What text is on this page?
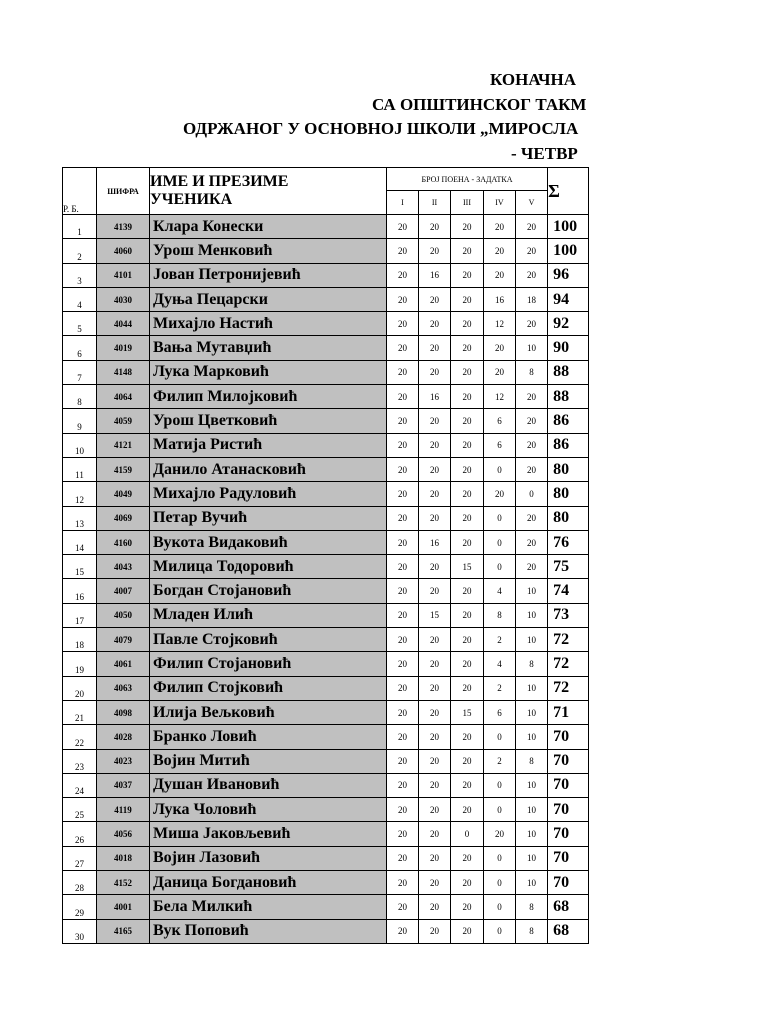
КОНАЧНА
СА ОПШТИНСКОГ ТАКМ
ОДРЖАНОГ У ОСНОВНОЈ ШКОЛИ „МИРОСЛА
- ЧЕТВР
Р. Б.	ШИФРА	ИМЕ И ПРЕЗИМЕ
УЧЕНИКА	БРОЈ ПОЕНА - ЗАДАТКА					Σ
			I	II	III	IV	V	
1	4139	Клара Конески	20	20	20	20	20	100
2	4060	Урош Менковић	20	20	20	20	20	100
3	4101	Јован Петронијевић	20	16	20	20	20	96
4	4030	Дуња Пецарски	20	20	20	16	18	94
5	4044	Михајло Настић	20	20	20	12	20	92
6	4019	Вања Мутавџић	20	20	20	20	10	90
7	4148	Лука Марковић	20	20	20	20	8	88
8	4064	Филип Милојковић	20	16	20	12	20	88
9	4059	Урош Цветковић	20	20	20	6	20	86
10	4121	Матија Ристић	20	20	20	6	20	86
11	4159	Данило Атанасковић	20	20	20	0	20	80
12	4049	Михајло Радуловић	20	20	20	20	0	80
13	4069	Петар Вучић	20	20	20	0	20	80
14	4160	Вукота Видаковић	20	16	20	0	20	76
15	4043	Милица Тодоровић	20	20	15	0	20	75
16	4007	Богдан Стојановић	20	20	20	4	10	74
17	4050	Младен Илић	20	15	20	8	10	73
18	4079	Павле Стојковић	20	20	20	2	10	72
19	4061	Филип Стојановић	20	20	20	4	8	72
20	4063	Филип Стојковић	20	20	20	2	10	72
21	4098	Илија Вељковић	20	20	15	6	10	71
22	4028	Бранко Ловић	20	20	20	0	10	70
23	4023	Војин Митић	20	20	20	2	8	70
24	4037	Душан Ивановић	20	20	20	0	10	70
25	4119	Лука Чоловић	20	20	20	0	10	70
26	4056	Миша Јаковљевић	20	20	0	20	10	70
27	4018	Војин Лазовић	20	20	20	0	10	70
28	4152	Даница Богдановић	20	20	20	0	10	70
29	4001	Бела Милкић	20	20	20	0	8	68
30	4165	Вук Поповић	20	20	20	0	8	68
